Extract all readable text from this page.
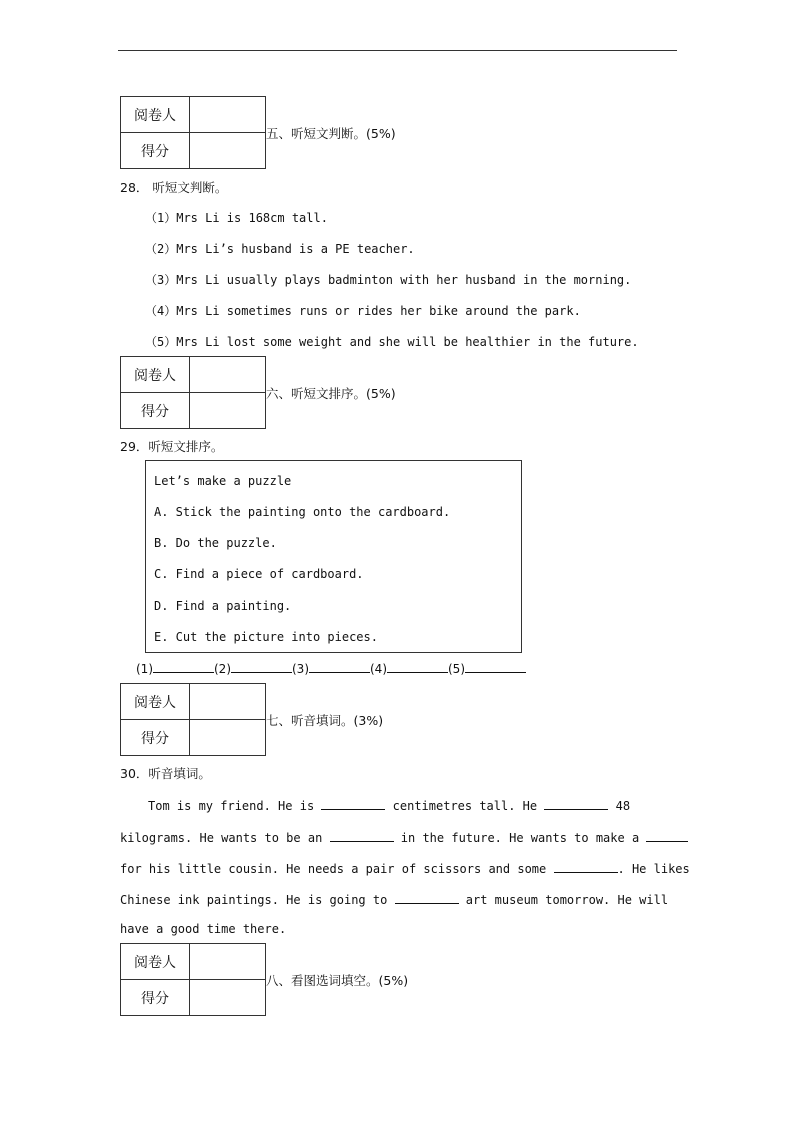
阅卷人	
得分	
五、听短文判断。(5%)
28． 听短文判断。
（1）Mrs Li is 168cm tall.
（2）Mrs Li’s husband is a PE teacher.
（3）Mrs Li usually plays badminton with her husband in the morning.
（4）Mrs Li sometimes runs or rides her bike around the park.
（5）Mrs Li lost some weight and she will be healthier in the future.
阅卷人	
得分	
六、听短文排序。(5%)
29．听短文排序。
Let’s make a puzzle
A. Stick the painting onto the cardboard.
B. Do the puzzle.
C. Find a piece of cardboard.
D. Find a painting.
E. Cut the picture into pieces.
(1)	(2)	(3)	(4)	(5)
阅卷人	
得分	
七、听音填词。(3%)
30．听音填词。
Tom is my friend. He is	centimetres tall. He	48
kilograms. He wants to be an	in the future. He wants to make a
for his little cousin. He needs a pair of scissors and some	. He likes
Chinese ink paintings. He is going to	art museum tomorrow. He will
have a good time there.
阅卷人	
得分	
八、看图选词填空。(5%)
